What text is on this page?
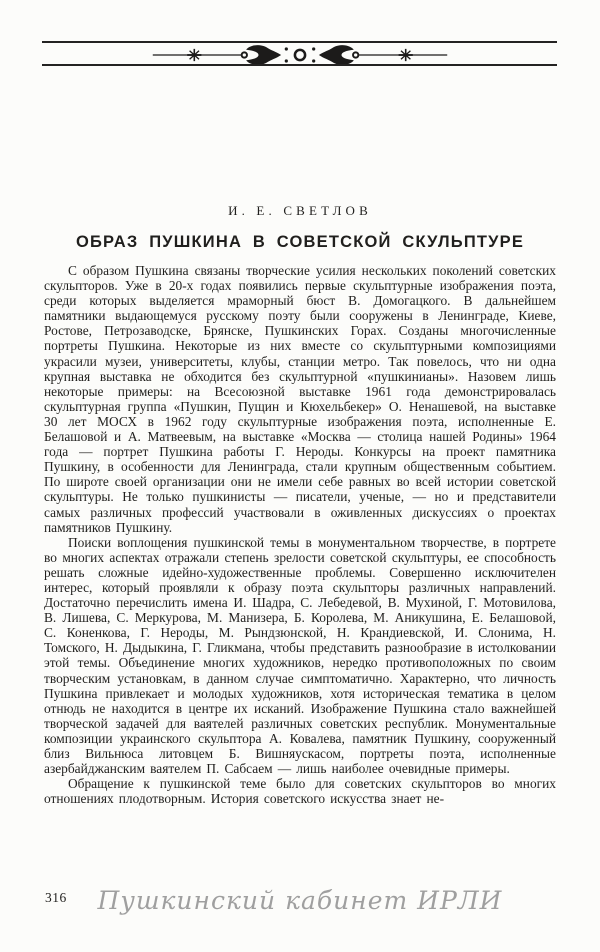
И. Е. СВЕТЛОВ
ОБРАЗ ПУШКИНА В СОВЕТСКОЙ СКУЛЬПТУРЕ

С образом Пушкина связаны творческие усилия нескольких поколений советских скульпторов. Уже в 20-х годах появились первые скульптурные изображения поэта, среди которых выделяется мраморный бюст В. Домогацкого. В дальнейшем памятники выдающемуся русскому поэту были сооружены в Ленинграде, Киеве, Ростове, Петрозаводске, Брянске, Пушкинских Горах. Созданы многочисленные портреты Пушкина. Некоторые из них вместе со скульптурными композициями украсили музеи, университеты, клубы, станции метро. Так повелось, что ни одна крупная выставка не обходится без скульптурной «пушкинианы». Назовем лишь некоторые примеры: на Всесоюзной выставке 1961 года демонстрировалась скульптурная группа «Пушкин, Пущин и Кюхельбекер» О. Ненашевой, на выставке 30 лет МОСХ в 1962 году скульптурные изображения поэта, исполненные Е. Белашовой и А. Матвеевым, на выставке «Москва — столица нашей Родины» 1964 года — портрет Пушкина работы Г. Нероды. Конкурсы на проект памятника Пушкину, в особенности для Ленинграда, стали крупным общественным событием. По широте своей организации они не имели себе равных во всей истории советской скульптуры. Не только пушкинисты — писатели, ученые, — но и представители самых различных профессий участвовали в оживленных дискуссиях о проектах памятников Пушкину.

Поиски воплощения пушкинской темы в монументальном творчестве, в портрете во многих аспектах отражали степень зрелости советской скульптуры, ее способность решать сложные идейно-художественные проблемы. Совершенно исключителен интерес, который проявляли к образу поэта скульпторы различных направлений. Достаточно перечислить имена И. Шадра, С. Лебедевой, В. Мухиной, Г. Мотовилова, В. Лишева, С. Меркурова, М. Манизера, Б. Королева, М. Аникушина, Е. Белашовой, С. Коненкова, Г. Нероды, М. Рындзюнской, Н. Крандиевской, И. Слонима, Н. Томского, Н. Дыдыкина, Г. Гликмана, чтобы представить разнообразие в истолковании этой темы. Объединение многих художников, нередко противоположных по своим творческим установкам, в данном случае симптоматично. Характерно, что личность Пушкина привлекает и молодых художников, хотя историческая тематика в целом отнюдь не находится в центре их исканий. Изображение Пушкина стало важнейшей творческой задачей для ваятелей различных советских республик. Монументальные композиции украинского скульптора А. Ковалева, памятник Пушкину, сооруженный близ Вильнюса литовцем Б. Вишняускасом, портреты поэта, исполненные азербайджанским ваятелем П. Сабсаем — лишь наиболее очевидные примеры.

Обращение к пушкинской теме было для советских скульпторов во многих отношениях плодотворным. История советского искусства знает не-

316 Пушкинский кабинет ИРЛИ
